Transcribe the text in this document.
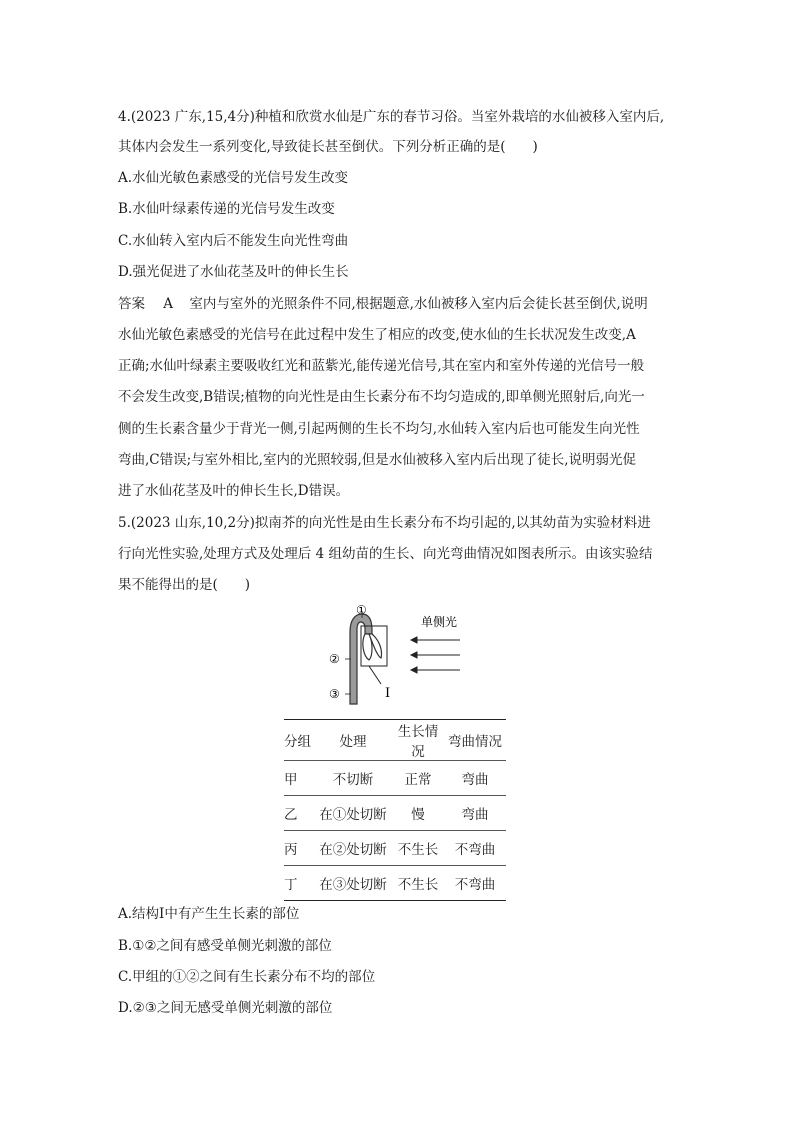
4.(2023 广东,15,4分)种植和欣赏水仙是广东的春节习俗。当室外栽培的水仙被移入室内后,
其体内会发生一系列变化,导致徒长甚至倒伏。下列分析正确的是(　　)
A.水仙光敏色素感受的光信号发生改变
B.水仙叶绿素传递的光信号发生改变
C.水仙转入室内后不能发生向光性弯曲
D.强光促进了水仙花茎及叶的伸长生长
答案 A 室内与室外的光照条件不同,根据题意,水仙被移入室内后会徒长甚至倒伏,说明
水仙光敏色素感受的光信号在此过程中发生了相应的改变,使水仙的生长状况发生改变,A
正确;水仙叶绿素主要吸收红光和蓝紫光,能传递光信号,其在室内和室外传递的光信号一般
不会发生改变,B错误;植物的向光性是由生长素分布不均匀造成的,即单侧光照射后,向光一
侧的生长素含量少于背光一侧,引起两侧的生长不均匀,水仙转入室内后也可能发生向光性
弯曲,C错误;与室外相比,室内的光照较弱,但是水仙被移入室内后出现了徒长,说明弱光促
进了水仙花茎及叶的伸长生长,D错误。
5.(2023 山东,10,2分)拟南芥的向光性是由生长素分布不均引起的,以其幼苗为实验材料进
行向光性实验,处理方式及处理后 4 组幼苗的生长、向光弯曲情况如图表所示。由该实验结
果不能得出的是(　　)
①
②
③	I
单侧光
分组	处理	生长情况	弯曲情况
甲	不切断	正常	弯曲
乙	在①处切断	慢	弯曲
丙	在②处切断	不生长	不弯曲
丁	在③处切断	不生长	不弯曲
A.结构Ⅰ中有产生生长素的部位
B.①②之间有感受单侧光刺激的部位
C.甲组的①②之间有生长素分布不均的部位
D.②③之间无感受单侧光刺激的部位
